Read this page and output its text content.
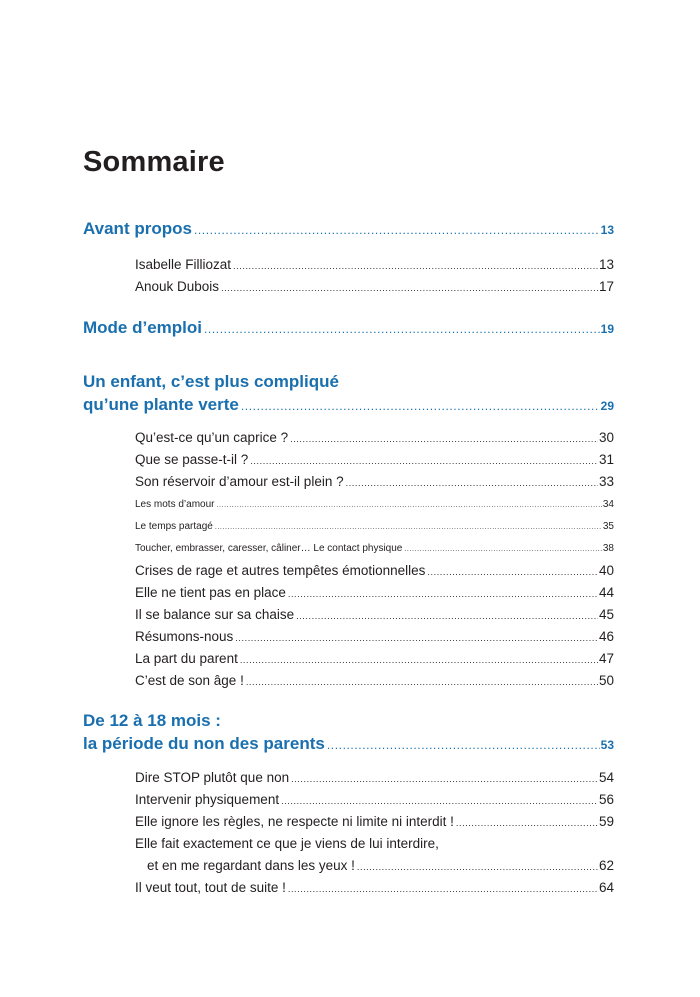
Sommaire
Avant propos .....	13
Isabelle Filliozat .....	13
Anouk Dubois .....	17
Mode d’emploi .....	19
Un enfant, c’est plus compliqué
qu’une plante verte .....	29
Qu’est-ce qu’un caprice ? .....	30
Que se passe-t-il ? .....	31
Son réservoir d’amour est-il plein ? .....	33
Les mots d’amour .....	34
Le temps partagé .....	35
Toucher, embrasser, caresser, câliner… Le contact physique .....	38
Crises de rage et autres tempêtes émotionnelles .....	40
Elle ne tient pas en place .....	44
Il se balance sur sa chaise .....	45
Résumons-nous .....	46
La part du parent .....	47
C’est de son âge ! .....	50
De 12 à 18 mois :
la période du non des parents .....	53
Dire STOP plutôt que non .....	54
Intervenir physiquement .....	56
Elle ignore les règles, ne respecte ni limite ni interdit ! .....	59
Elle fait exactement ce que je viens de lui interdire,
et en me regardant dans les yeux ! .....	62
Il veut tout, tout de suite ! .....	64
